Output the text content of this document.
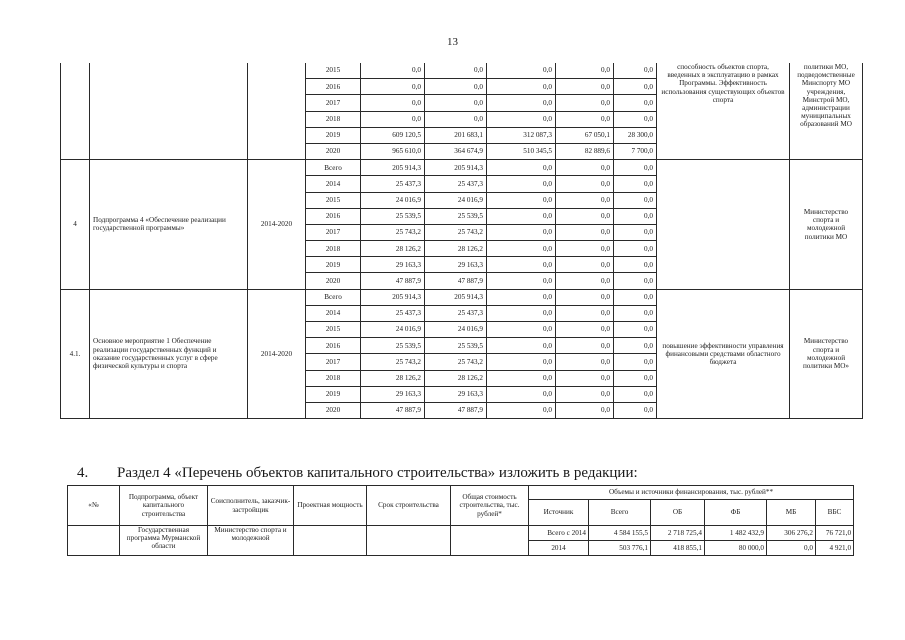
13
			2015	0,0	0,0	0,0	0,0	0,0	способность объектов спорта, введенных в эксплуатацию в рамках Программы. Эффективность использования существующих объектов спорта	политики МО, подведомственные Минспорту МО учреждения, Минстрой МО, администрации муниципальных образований МО
			2016	0,0	0,0	0,0	0,0	0,0		
			2017	0,0	0,0	0,0	0,0	0,0		
			2018	0,0	0,0	0,0	0,0	0,0		
			2019	609 120,5	201 683,1	312 087,3	67 050,1	28 300,0		
			2020	965 610,0	364 674,9	510 345,5	82 889,6	7 700,0		
4	Подпрограмма 4 «Обеспечение реализации государственной программы»	2014-2020	Всего	205 914,3	205 914,3	0,0	0,0	0,0		Министерство спорта и молодежной политики МО
			2014	25 437,3	25 437,3	0,0	0,0	0,0		
			2015	24 016,9	24 016,9	0,0	0,0	0,0		
			2016	25 539,5	25 539,5	0,0	0,0	0,0		
			2017	25 743,2	25 743,2	0,0	0,0	0,0		
			2018	28 126,2	28 126,2	0,0	0,0	0,0		
			2019	29 163,3	29 163,3	0,0	0,0	0,0		
			2020	47 887,9	47 887,9	0,0	0,0	0,0		
4.1.	Основное мероприятие 1 Обеспечение реализации государственных функций и оказание государственных услуг в сфере физической культуры и спорта	2014-2020	Всего	205 914,3	205 914,3	0,0	0,0	0,0	повышение эффективности управления финансовыми средствами областного бюджета	Министерство спорта и молодежной политики МО»
			2014	25 437,3	25 437,3	0,0	0,0	0,0		
			2015	24 016,9	24 016,9	0,0	0,0	0,0		
			2016	25 539,5	25 539,5	0,0	0,0	0,0		
			2017	25 743,2	25 743,2	0,0	0,0	0,0		
			2018	28 126,2	28 126,2	0,0	0,0	0,0		
			2019	29 163,3	29 163,3	0,0	0,0	0,0		
			2020	47 887,9	47 887,9	0,0	0,0	0,0		
4. Раздел 4 «Перечень объектов капитального строительства» изложить в редакции:
«№	Подпрограмма, объект капитального строительства	Соисполнитель, заказчик-застройщик	Проектная мощность	Срок строительства	Общая стоимость строительства, тыс. рублей*	Объемы и источники финансирования, тыс. рублей**					
						Источник	Всего	ОБ	ФБ	МБ	ВБС

	Государственная программа Мурманской области	Министерство спорта и молодежной				Всего с 2014	4 584 155,5	2 718 725,4	1 482 432,9	306 276,2	76 721,0
						2014	503 776,1	418 855,1	80 000,0	0,0	4 921,0
